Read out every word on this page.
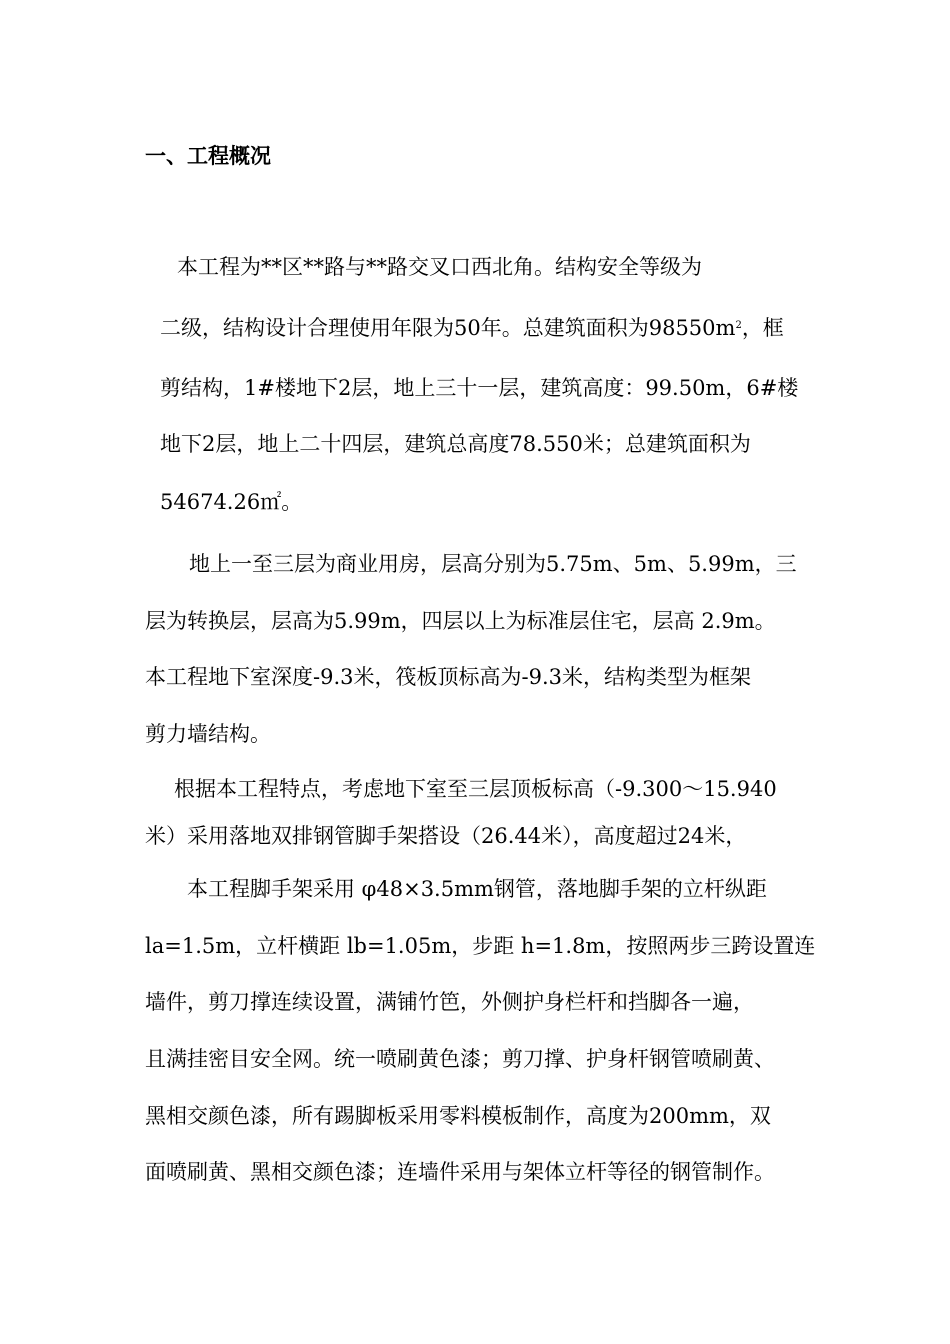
一、工程概况
本工程为**区**路与**路交叉口西北角。结构安全等级为
二级，结构设计合理使用年限为50年。总建筑面积为$98550m^2$，框
剪结构，1#楼地下2层，地上三十一层，建筑高度：99.50m，6#楼
地下2层，地上二十四层，建筑总高度78.550米；总建筑面积为
54674.26㎡。
地上一至三层为商业用房，层高分别为5.75m、5m、5.99m，三
层为转换层，层高为5.99m，四层以上为标准层住宅，层高 2.9m。
本工程地下室深度-9.3米，筏板顶标高为-9.3米，结构类型为框架
剪力墙结构。
根据本工程特点，考虑地下室至三层顶板标高（-9.300～15.940
米）采用落地双排钢管脚手架搭设（26.44米），高度超过24米，
本工程脚手架采用 φ48×3.5mm钢管，落地脚手架的立杆纵距
la=1.5m，立杆横距 lb=1.05m，步距 h=1.8m，按照两步三跨设置连
墙件，剪刀撑连续设置，满铺竹笆，外侧护身栏杆和挡脚各一遍，
且满挂密目安全网。统一喷刷黄色漆；剪刀撑、护身杆钢管喷刷黄、
黑相交颜色漆，所有踢脚板采用零料模板制作，高度为200mm，双
面喷刷黄、黑相交颜色漆；连墙件采用与架体立杆等径的钢管制作。
